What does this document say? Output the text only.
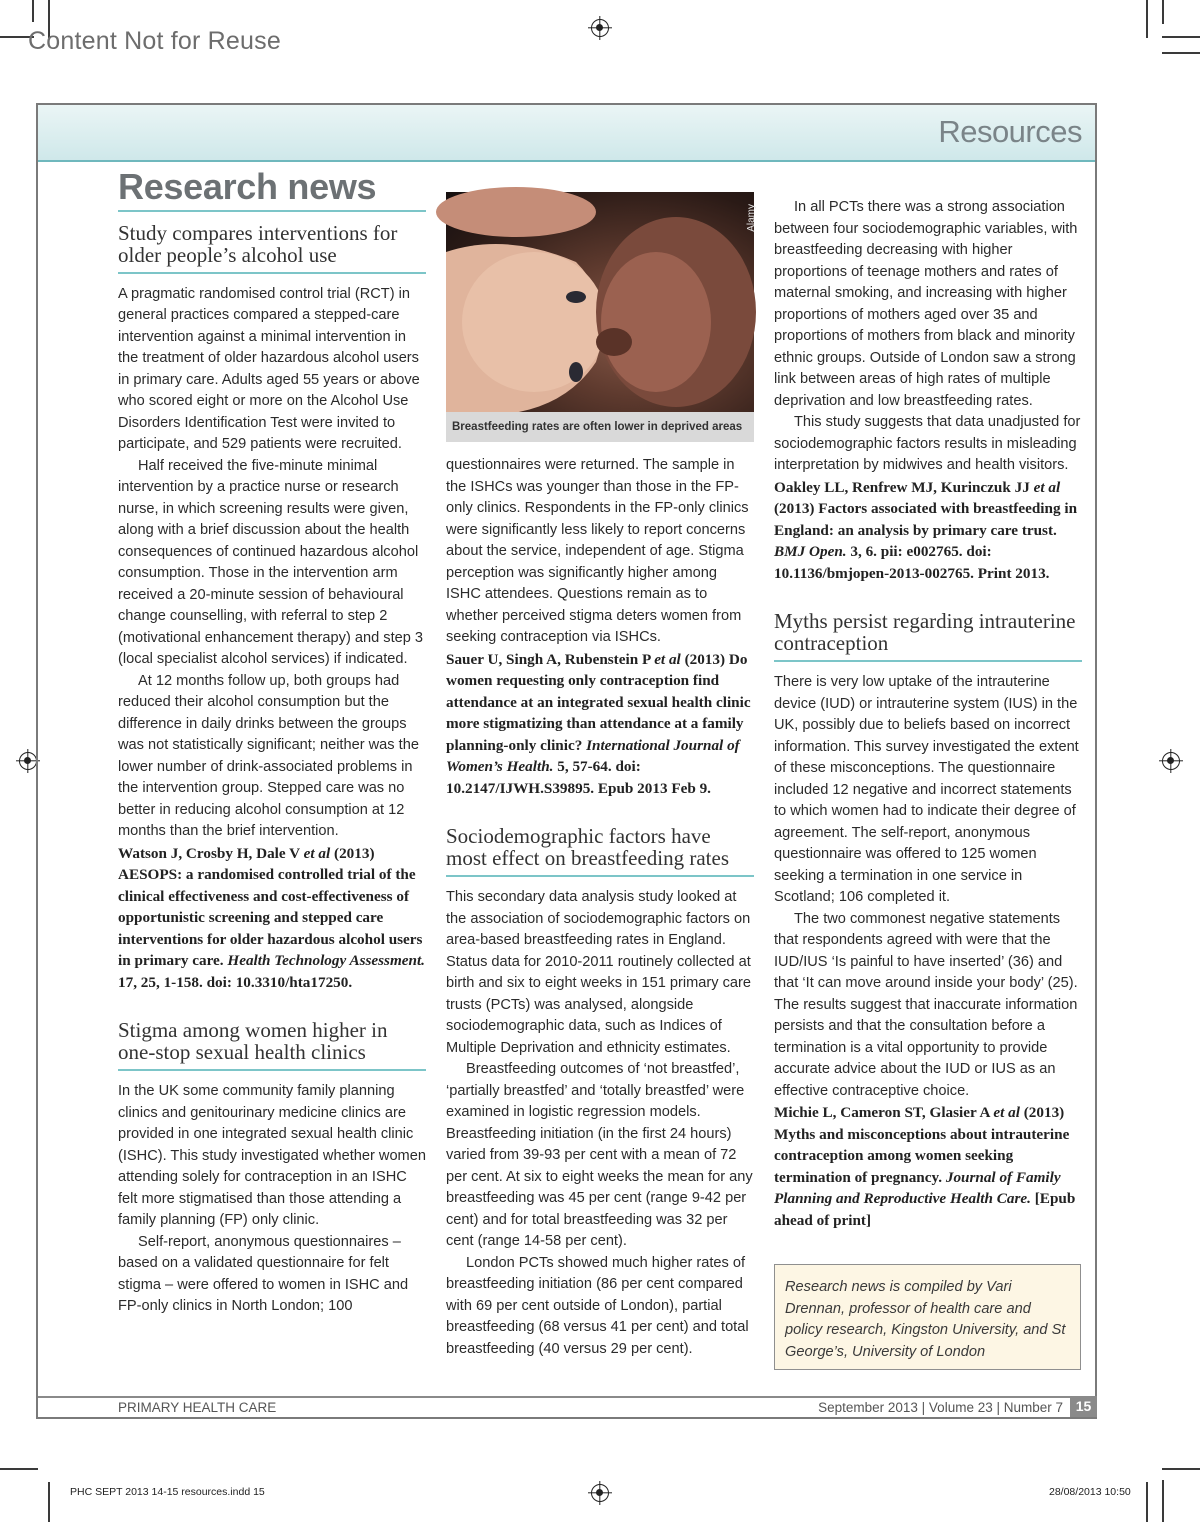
Content Not for Reuse
Resources
Research news
Study compares interventions for older people’s alcohol use

A pragmatic randomised control trial (RCT) in general practices compared a stepped-care intervention against a minimal intervention in the treatment of older hazardous alcohol users in primary care. Adults aged 55 years or above who scored eight or more on the Alcohol Use Disorders Identification Test were invited to participate, and 529 patients were recruited.

Half received the five-minute minimal intervention by a practice nurse or research nurse, in which screening results were given, along with a brief discussion about the health consequences of continued hazardous alcohol consumption. Those in the intervention arm received a 20-minute session of behavioural change counselling, with referral to step 2 (motivational enhancement therapy) and step 3 (local specialist alcohol services) if indicated.

At 12 months follow up, both groups had reduced their alcohol consumption but the difference in daily drinks between the groups was not statistically significant; neither was the lower number of drink-associated problems in the intervention group. Stepped care was no better in reducing alcohol consumption at 12 months than the brief intervention.

Watson J, Crosby H, Dale V et al (2013) AESOPS: a randomised controlled trial of the clinical effectiveness and cost-effectiveness of opportunistic screening and stepped care interventions for older hazardous alcohol users in primary care. Health Technology Assessment. 17, 25, 1-158. doi: 10.3310/hta17250.
Stigma among women higher in one-stop sexual health clinics

In the UK some community family planning clinics and genitourinary medicine clinics are provided in one integrated sexual health clinic (ISHC). This study investigated whether women attending solely for contraception in an ISHC felt more stigmatised than those attending a family planning (FP) only clinic.

Self-report, anonymous questionnaires – based on a validated questionnaire for felt stigma – were offered to women in ISHC and FP-only clinics in North London; 100

Alamy
Breastfeeding rates are often lower in deprived areas

questionnaires were returned. The sample in the ISHCs was younger than those in the FP-only clinics. Respondents in the FP-only clinics were significantly less likely to report concerns about the service, independent of age. Stigma perception was significantly higher among ISHC attendees. Questions remain as to whether perceived stigma deters women from seeking contraception via ISHCs.

Sauer U, Singh A, Rubenstein P et al (2013) Do women requesting only contraception find attendance at an integrated sexual health clinic more stigmatizing than attendance at a family planning-only clinic? International Journal of Women’s Health. 5, 57-64. doi: 10.2147/IJWH.S39895. Epub 2013 Feb 9.
Sociodemographic factors have most effect on breastfeeding rates

This secondary data analysis study looked at the association of sociodemographic factors on area-based breastfeeding rates in England. Status data for 2010-2011 routinely collected at birth and six to eight weeks in 151 primary care trusts (PCTs) was analysed, alongside sociodemographic data, such as Indices of Multiple Deprivation and ethnicity estimates.

Breastfeeding outcomes of ‘not breastfed’, ‘partially breastfed’ and ‘totally breastfed’ were examined in logistic regression models. Breastfeeding initiation (in the first 24 hours) varied from 39-93 per cent with a mean of 72 per cent. At six to eight weeks the mean for any breastfeeding was 45 per cent (range 9-42 per cent) and for total breastfeeding was 32 per cent (range 14-58 per cent).

London PCTs showed much higher rates of breastfeeding initiation (86 per cent compared with 69 per cent outside of London), partial breastfeeding (68 versus 41 per cent) and total breastfeeding (40 versus 29 per cent).

In all PCTs there was a strong association between four sociodemographic variables, with breastfeeding decreasing with higher proportions of teenage mothers and rates of maternal smoking, and increasing with higher proportions of mothers aged over 35 and proportions of mothers from black and minority ethnic groups. Outside of London saw a strong link between areas of high rates of multiple deprivation and low breastfeeding rates.

This study suggests that data unadjusted for sociodemographic factors results in misleading interpretation by midwives and health visitors.

Oakley LL, Renfrew MJ, Kurinczuk JJ et al (2013) Factors associated with breastfeeding in England: an analysis by primary care trust. BMJ Open. 3, 6. pii: e002765. doi: 10.1136/bmjopen-2013-002765. Print 2013.
Myths persist regarding intrauterine contraception

There is very low uptake of the intrauterine device (IUD) or intrauterine system (IUS) in the UK, possibly due to beliefs based on incorrect information. This survey investigated the extent of these misconceptions. The questionnaire included 12 negative and incorrect statements to which women had to indicate their degree of agreement. The self-report, anonymous questionnaire was offered to 125 women seeking a termination in one service in Scotland; 106 completed it.

The two commonest negative statements that respondents agreed with were that the IUD/IUS ‘Is painful to have inserted’ (36) and that ‘It can move around inside your body’ (25). The results suggest that inaccurate information persists and that the consultation before a termination is a vital opportunity to provide accurate advice about the IUD or IUS as an effective contraceptive choice.

Michie L, Cameron ST, Glasier A et al (2013) Myths and misconceptions about intrauterine contraception among women seeking termination of pregnancy. Journal of Family Planning and Reproductive Health Care. [Epub ahead of print]
Research news is compiled by Vari Drennan, professor of health care and policy research, Kingston University, and St George’s, University of London
PRIMARY HEALTH CARE	September 2013 | Volume 23 | Number 7 15
PHC SEPT 2013 14-15 resources.indd 15	28/08/2013 10:50
